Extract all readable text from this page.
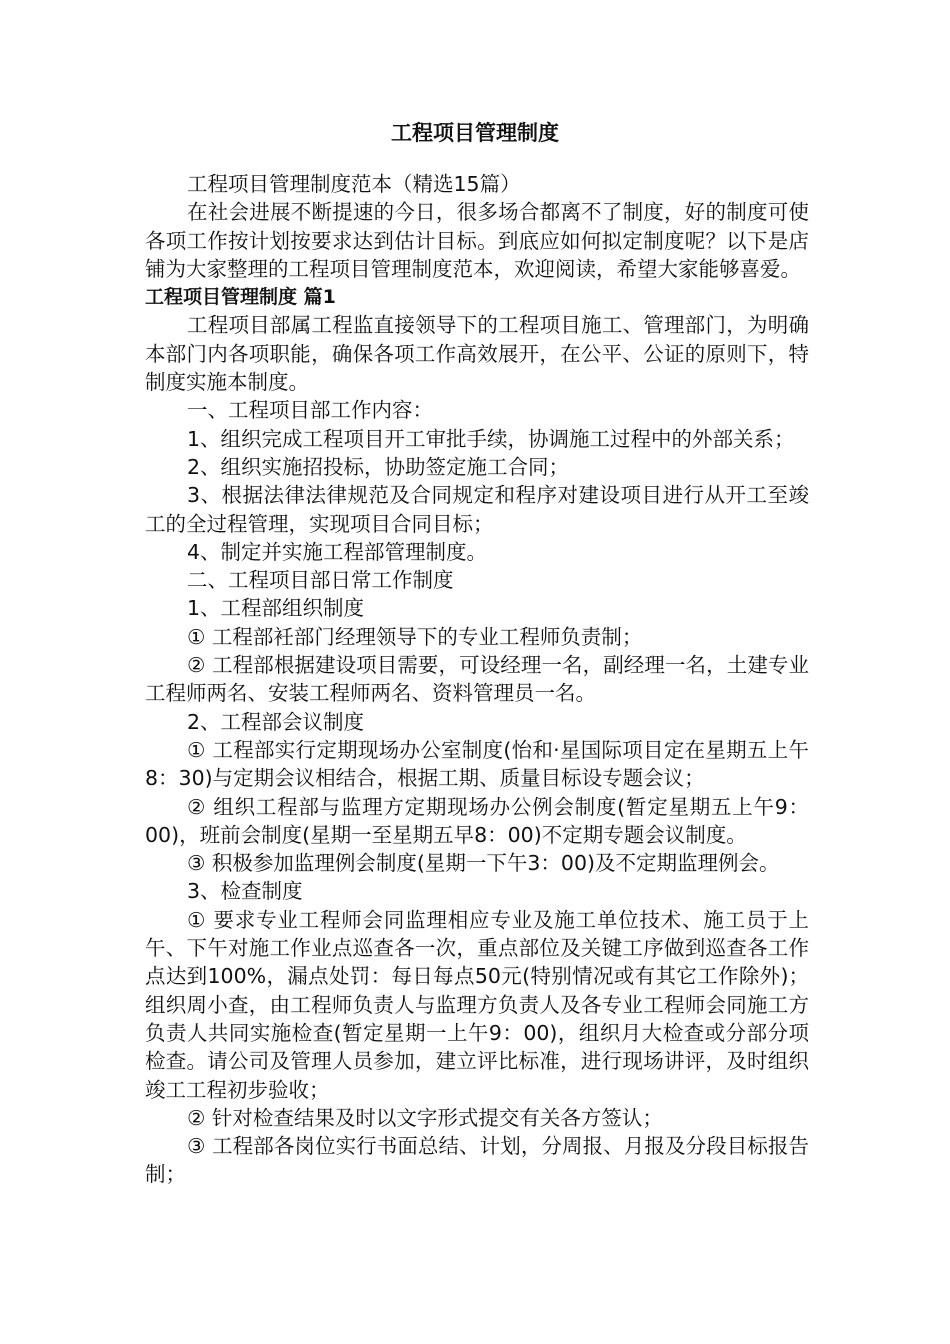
工程项目管理制度

工程项目管理制度范本（精选15篇）

在社会进展不断提速的今日，很多场合都离不了制度，好的制度可使各项工作按计划按要求达到估计目标。到底应如何拟定制度呢？以下是店铺为大家整理的工程项目管理制度范本，欢迎阅读，希望大家能够喜爱。

工程项目管理制度 篇1

工程项目部属工程监直接领导下的工程项目施工、管理部门，为明确本部门内各项职能，确保各项工作高效展开，在公平、公证的原则下，特制度实施本制度。

一、工程项目部工作内容：

1、组织完成工程项目开工审批手续，协调施工过程中的外部关系；

2、组织实施招投标，协助签定施工合同；

3、根据法律法律规范及合同规定和程序对建设项目进行从开工至竣工的全过程管理，实现项目合同目标；

4、制定并实施工程部管理制度。

二、工程项目部日常工作制度

1、工程部组织制度

① 工程部衽部门经理领导下的专业工程师负责制；

② 工程部根据建设项目需要，可设经理一名，副经理一名，土建专业工程师两名、安装工程师两名、资料管理员一名。

2、工程部会议制度

① 工程部实行定期现场办公室制度(怡和·星国际项目定在星期五上午8：30)与定期会议相结合，根据工期、质量目标设专题会议；

② 组织工程部与监理方定期现场办公例会制度(暂定星期五上午9：00)，班前会制度(星期一至星期五早8：00)不定期专题会议制度。

③ 积极参加监理例会制度(星期一下午3：00)及不定期监理例会。

3、检查制度

① 要求专业工程师会同监理相应专业及施工单位技术、施工员于上午、下午对施工作业点巡查各一次，重点部位及关键工序做到巡查各工作点达到100%，漏点处罚：每日每点50元(特别情况或有其它工作除外)；组织周小查，由工程师负责人与监理方负责人及各专业工程师会同施工方负责人共同实施检查(暂定星期一上午9：00)，组织月大检查或分部分项检查。请公司及管理人员参加，建立评比标准，进行现场讲评，及时组织竣工工程初步验收；

② 针对检查结果及时以文字形式提交有关各方签认；

③ 工程部各岗位实行书面总结、计划，分周报、月报及分段目标报告制；
